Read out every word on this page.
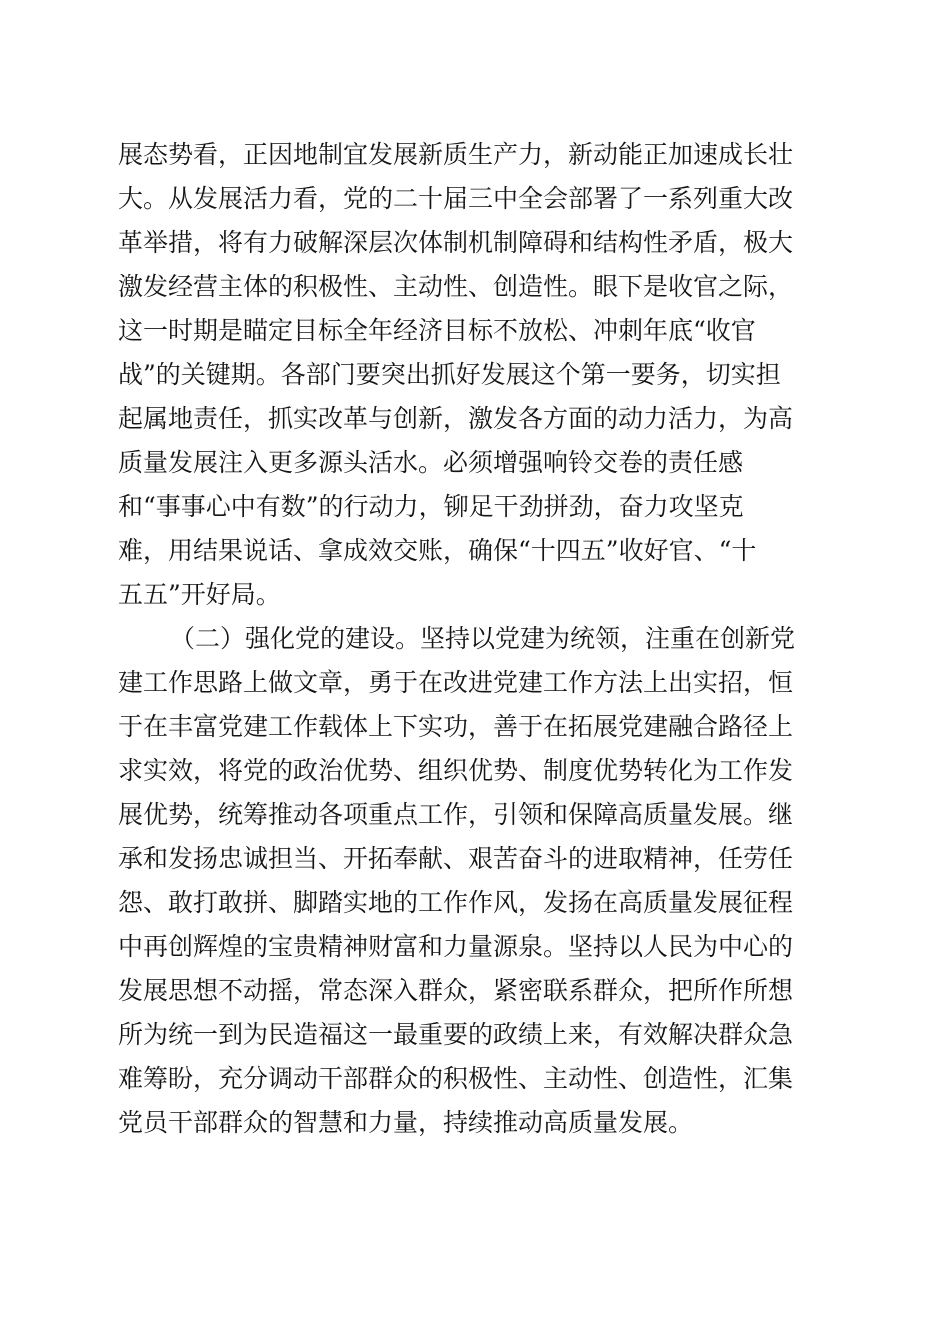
展态势看，正因地制宜发展新质生产力，新动能正加速成长壮
大。从发展活力看，党的二十届三中全会部署了一系列重大改
革举措，将有力破解深层次体制机制障碍和结构性矛盾，极大
激发经营主体的积极性、主动性、创造性。眼下是收官之际，
这一时期是瞄定目标全年经济目标不放松、冲刺年底“收官
战”的关键期。各部门要突出抓好发展这个第一要务，切实担
起属地责任，抓实改革与创新，激发各方面的动力活力，为高
质量发展注入更多源头活水。必须增强响铃交卷的责任感
和“事事心中有数”的行动力，铆足干劲拼劲，奋力攻坚克
难，用结果说话、拿成效交账，确保“十四五”收好官、“十
五五”开好局。
（二）强化党的建设。坚持以党建为统领，注重在创新党
建工作思路上做文章，勇于在改进党建工作方法上出实招，恒
于在丰富党建工作载体上下实功，善于在拓展党建融合路径上
求实效，将党的政治优势、组织优势、制度优势转化为工作发
展优势，统筹推动各项重点工作，引领和保障高质量发展。继
承和发扬忠诚担当、开拓奉献、艰苦奋斗的进取精神，任劳任
怨、敢打敢拼、脚踏实地的工作作风，发扬在高质量发展征程
中再创辉煌的宝贵精神财富和力量源泉。坚持以人民为中心的
发展思想不动摇，常态深入群众，紧密联系群众，把所作所想
所为统一到为民造福这一最重要的政绩上来，有效解决群众急
难筹盼，充分调动干部群众的积极性、主动性、创造性，汇集
党员干部群众的智慧和力量，持续推动高质量发展。
